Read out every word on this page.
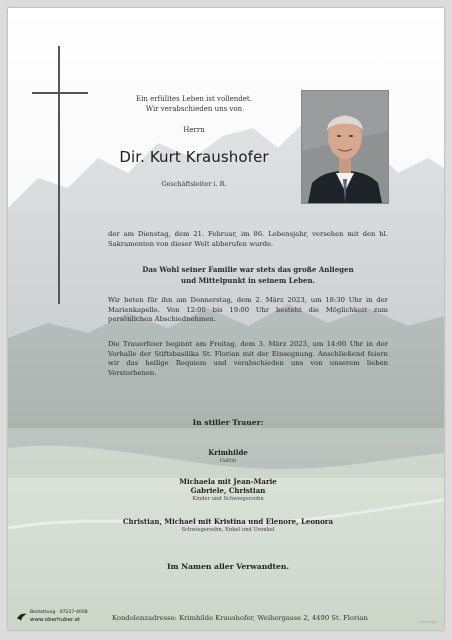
Ein erfülltes Leben ist vollendet.
Wir verabschieden uns von
Herrn
Dir. Kurt Kraushofer
Geschäftsleiter i. R.
der am Dienstag, dem 21. Februar, im 86. Lebensjahr, versehen mit den hl. Sakramenten von dieser Welt abberufen wurde.
Das Wohl seiner Familie war stets das große Anliegen
und Mittelpunkt in seinem Leben.
Wir beten für ihn am Donnerstag, dem 2. März 2023, um 18:30 Uhr in der Marienkapelle. Von 12:00 bis 19:00 Uhr besteht die Möglichkeit zum persönlichen Abschiednehmen.
Die Trauerfeier beginnt am Freitag, dem 3. März 2023, um 14:00 Uhr in der Vorhalle der Stiftsbasilika St. Florian mit der Einsegnung. Anschließend feiern wir das heilige Requiem und verabschieden uns von unserem lieben Verstorbenen.
In stiller Trauer:
Krimhilde
Gattin
Michaela mit Jean-Marie
Gabriele, Christian
Kinder und Schwiegersohn
Christian, Michael mit Kristina und Elenore, Leonora
Schwiegersohn, Enkel und Urenkel
Im Namen aller Verwandten.
Bestattung · 07227-4008
www.oberhuber.at	Kondolenzadresse: Krimhilde Kraushofer, Weihergasse 2, 4490 St. Florian	21-07-0001
